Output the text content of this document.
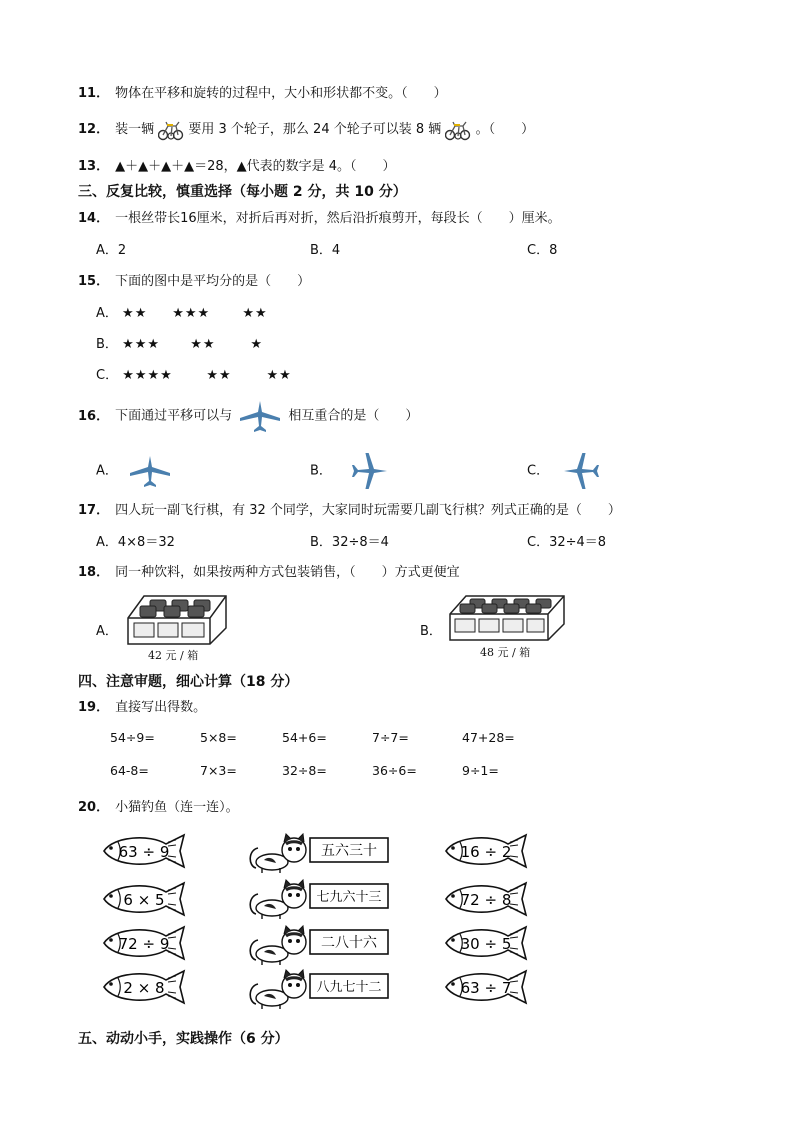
11． 物体在平移和旋转的过程中，大小和形状都不变。（　　）
12． 装一辆	要用 3 个轮子，那么 24 个轮子可以装 8 辆	。（　　）
13． ▲＋▲＋▲＋▲＝28，▲代表的数字是 4。（　　）
三、反复比较，慎重选择（每小题 2 分，共 10 分）
14． 一根丝带长16厘米，对折后再对折，然后沿折痕剪开，每段长（　　）厘米。
A．2	B．4	C．8
15． 下面的图中是平均分的是（　　）
A． ★★ ★★★ ★★
B． ★★★ ★★	★
C． ★★★★	★★	★★
16． 下面通过平移可以与	相互重合的是（　　）
A．	B．	C．
17． 四人玩一副飞行棋，有 32 个同学，大家同时玩需要几副飞行棋？列式正确的是（　　）
A．4×8＝32	B．32÷8＝4	C．32÷4＝8
18． 同一种饮料，如果按两种方式包装销售，（　　）方式更便宜
A．
42 元 / 箱
B．
48 元 / 箱
四、注意审题，细心计算（18 分）
19． 直接写出得数。
54÷9=	5×8=	54+6=	7÷7=	47+28=
64-8=	7×3=	32÷8=	36÷6=	9÷1=
20． 小猫钓鱼（连一连）。
63 ÷ 9
6 × 5
72 ÷ 9
2 × 8
五六三十
七九六十三
二八十六
八九七十二
16 ÷ 2
72 ÷ 8
30 ÷ 5
63 ÷ 7
五、动动小手，实践操作（6 分）
